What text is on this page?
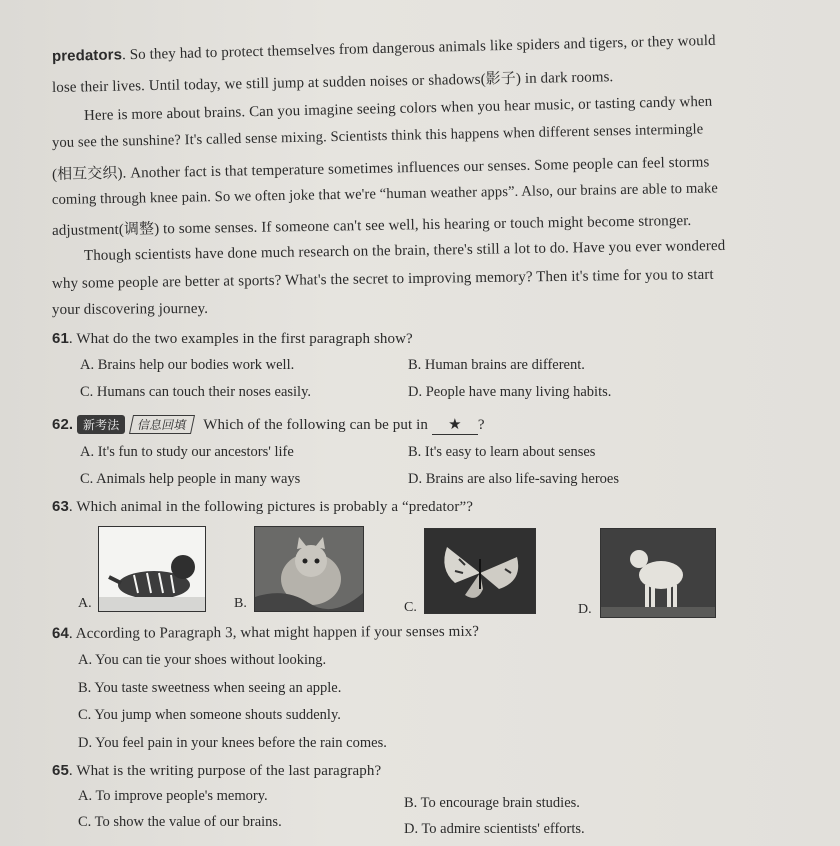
predators. So they had to protect themselves from dangerous animals like spiders and tigers, or they would
lose their lives. Until today, we still jump at sudden noises or shadows(影子) in dark rooms.
Here is more about brains. Can you imagine seeing colors when you hear music, or tasting candy when
you see the sunshine? It's called sense mixing. Scientists think this happens when different senses intermingle
(相互交织). Another fact is that temperature sometimes influences our senses. Some people can feel storms
coming through knee pain. So we often joke that we're “human weather apps”. Also, our brains are able to make
adjustment(调整) to some senses. If someone can't see well, his hearing or touch might become stronger.
Though scientists have done much research on the brain, there's still a lot to do. Have you ever wondered
why some people are better at sports? What's the secret to improving memory? Then it's time for you to start
your discovering journey.
61. What do the two examples in the first paragraph show?
A. Brains help our bodies work well.	B. Human brains are different.
C. Humans can touch their noses easily.	D. People have many living habits.
62. 新考法 信息回填 Which of the following can be put in ★ ?
A. It's fun to study our ancestors' life	B. It's easy to learn about senses
C. Animals help people in many ways	D. Brains are also life-saving heroes
63. Which animal in the following pictures is probably a “predator”?
A.	B.	C.	D.
64. According to Paragraph 3, what might happen if your senses mix?
A. You can tie your shoes without looking.
B. You taste sweetness when seeing an apple.
C. You jump when someone shouts suddenly.
D. You feel pain in your knees before the rain comes.
65. What is the writing purpose of the last paragraph?
A. To improve people's memory.	B. To encourage brain studies.
C. To show the value of our brains.	D. To admire scientists' efforts.
